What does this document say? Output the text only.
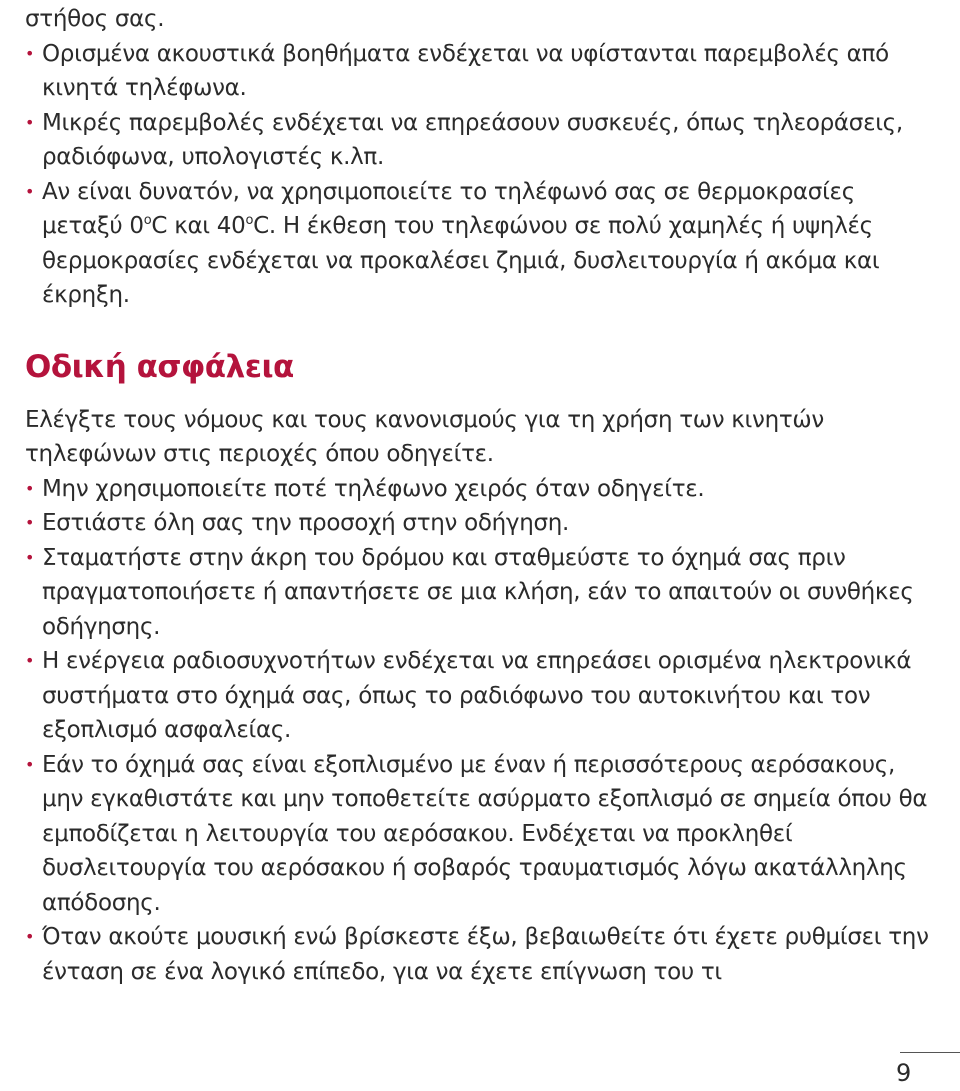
στήθος σας.

• Ορισμένα ακουστικά βοηθήματα ενδέχεται να υφίστανται παρεμβολές από κινητά τηλέφωνα.
• Μικρές παρεμβολές ενδέχεται να επηρεάσουν συσκευές, όπως τηλεοράσεις, ραδιόφωνα, υπολογιστές κ.λπ.
• Αν είναι δυνατόν, να χρησιμοποιείτε το τηλέφωνό σας σε θερμοκρασίες μεταξύ 0$^o$C και 40$^o$C. Η έκθεση του τηλεφώνου σε πολύ χαμηλές ή υψηλές θερμοκρασίες ενδέχεται να προκαλέσει ζημιά, δυσλειτουργία ή ακόμα και έκρηξη.
Οδική ασφάλεια

Ελέγξτε τους νόμους και τους κανονισμούς για τη χρήση των κινητών τηλεφώνων στις περιοχές όπου οδηγείτε.

• Μην χρησιμοποιείτε ποτέ τηλέφωνο χειρός όταν οδηγείτε.
• Εστιάστε όλη σας την προσοχή στην οδήγηση.
• Σταματήστε στην άκρη του δρόμου και σταθμεύστε το όχημά σας πριν πραγματοποιήσετε ή απαντήσετε σε μια κλήση, εάν το απαιτούν οι συνθήκες οδήγησης.
• Η ενέργεια ραδιοσυχνοτήτων ενδέχεται να επηρεάσει ορισμένα ηλεκτρονικά συστήματα στο όχημά σας, όπως το ραδιόφωνο του αυτοκινήτου και τον εξοπλισμό ασφαλείας.
• Εάν το όχημά σας είναι εξοπλισμένο με έναν ή περισσότερους αερόσακους, μην εγκαθιστάτε και μην τοποθετείτε ασύρματο εξοπλισμό σε σημεία όπου θα εμποδίζεται η λειτουργία του αερόσακου. Ενδέχεται να προκληθεί δυσλειτουργία του αερόσακου ή σοβαρός τραυματισμός λόγω ακατάλληλης απόδοσης.
• Όταν ακούτε μουσική ενώ βρίσκεστε έξω, βεβαιωθείτε ότι έχετε ρυθμίσει την ένταση σε ένα λογικό επίπεδο, για να έχετε επίγνωση του τι
9
